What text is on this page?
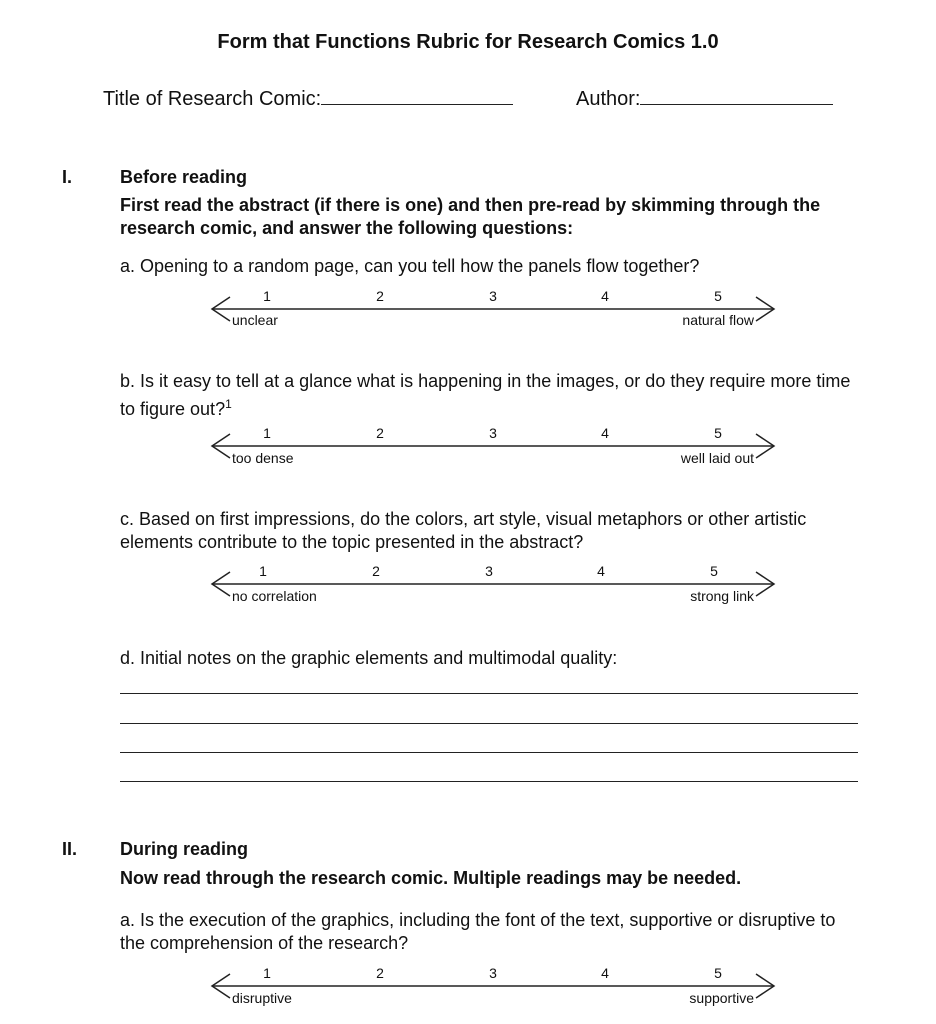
Form that Functions Rubric for Research Comics 1.0
Title of Research Comic:	Author:
I.	Before reading
First read the abstract (if there is one) and then pre-read by skimming through the research comic, and answer the following questions:
a. Opening to a random page, can you tell how the panels flow together?
1	2	3	4	5
unclear	natural flow
b. Is it easy to tell at a glance what is happening in the images, or do they require more time to figure out?$^1$
1	2	3	4	5
too dense	well laid out
c. Based on first impressions, do the colors, art style, visual metaphors or other artistic elements contribute to the topic presented in the abstract?
1	2	3	4	5
no correlation	strong link
d. Initial notes on the graphic elements and multimodal quality:
II. During reading
Now read through the research comic. Multiple readings may be needed.
a. Is the execution of the graphics, including the font of the text, supportive or disruptive to the comprehension of the research?
1	2	3	4	5
disruptive	supportive
